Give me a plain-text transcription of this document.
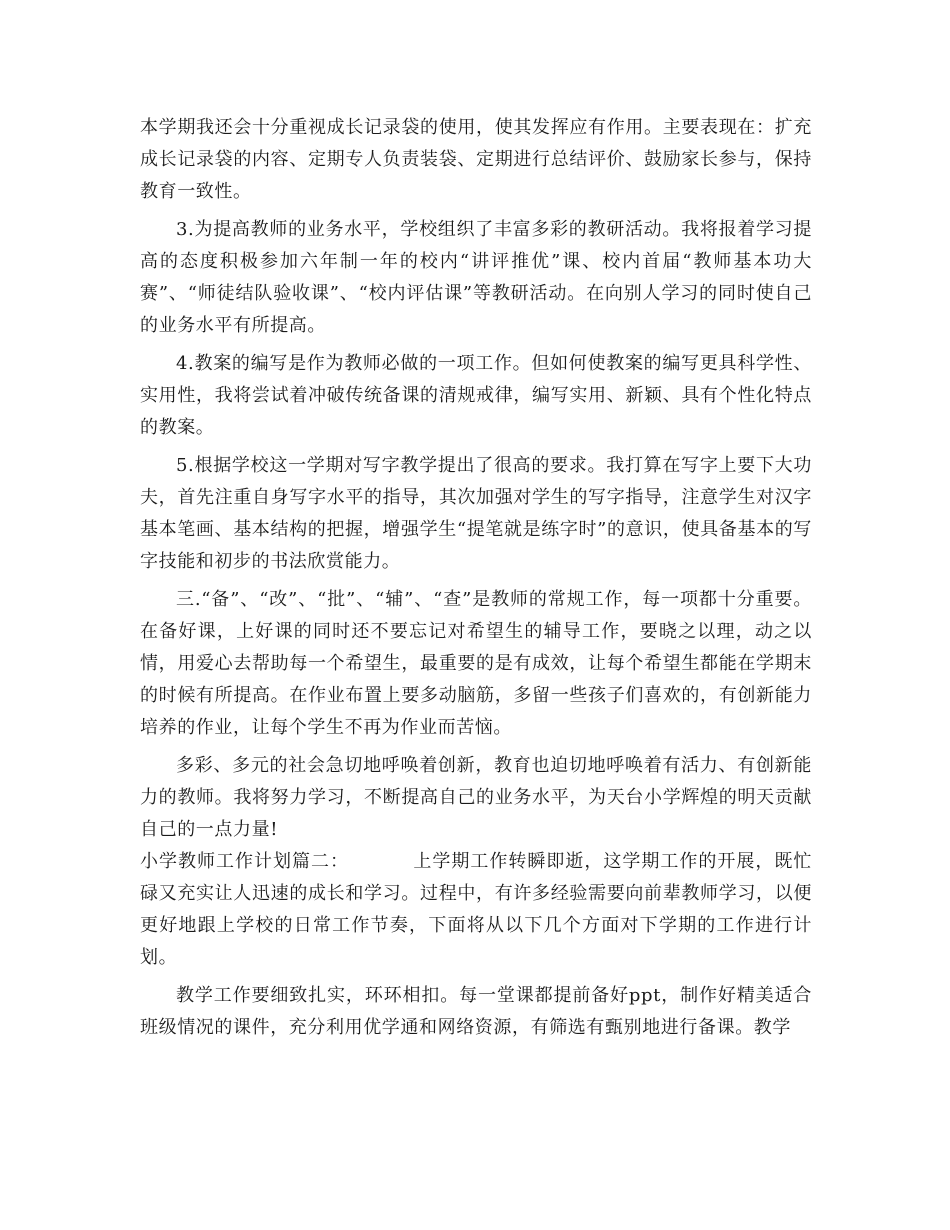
本学期我还会十分重视成长记录袋的使用，使其发挥应有作用。主要表现在：扩充成长记录袋的内容、定期专人负责装袋、定期进行总结评价、鼓励家长参与，保持教育一致性。

3.为提高教师的业务水平，学校组织了丰富多彩的教研活动。我将报着学习提高的态度积极参加六年制一年的校内“讲评推优”课、校内首届“教师基本功大赛”、“师徒结队验收课”、“校内评估课”等教研活动。在向别人学习的同时使自己的业务水平有所提高。

4.教案的编写是作为教师必做的一项工作。但如何使教案的编写更具科学性、实用性，我将尝试着冲破传统备课的清规戒律，编写实用、新颖、具有个性化特点的教案。

5.根据学校这一学期对写字教学提出了很高的要求。我打算在写字上要下大功夫，首先注重自身写字水平的指导，其次加强对学生的写字指导，注意学生对汉字基本笔画、基本结构的把握，增强学生“提笔就是练字时”的意识，使具备基本的写字技能和初步的书法欣赏能力。

三.“备”、“改”、“批”、“辅”、“查”是教师的常规工作，每一项都十分重要。在备好课，上好课的同时还不要忘记对希望生的辅导工作，要晓之以理，动之以情，用爱心去帮助每一个希望生，最重要的是有成效，让每个希望生都能在学期末的时候有所提高。在作业布置上要多动脑筋，多留一些孩子们喜欢的，有创新能力培养的作业，让每个学生不再为作业而苦恼。

多彩、多元的社会急切地呼唤着创新，教育也迫切地呼唤着有活力、有创新能力的教师。我将努力学习，不断提高自己的业务水平，为天台小学辉煌的明天贡献自己的一点力量!

小学教师工作计划篇二：	上学期工作转瞬即逝，这学期工作的开展，既忙碌又充实让人迅速的成长和学习。过程中，有许多经验需要向前辈教师学习，以便更好地跟上学校的日常工作节奏，下面将从以下几个方面对下学期的工作进行计划。

教学工作要细致扎实，环环相扣。每一堂课都提前备好ppt，制作好精美适合班级情况的课件，充分利用优学通和网络资源，有筛选有甄别地进行备课。教学
